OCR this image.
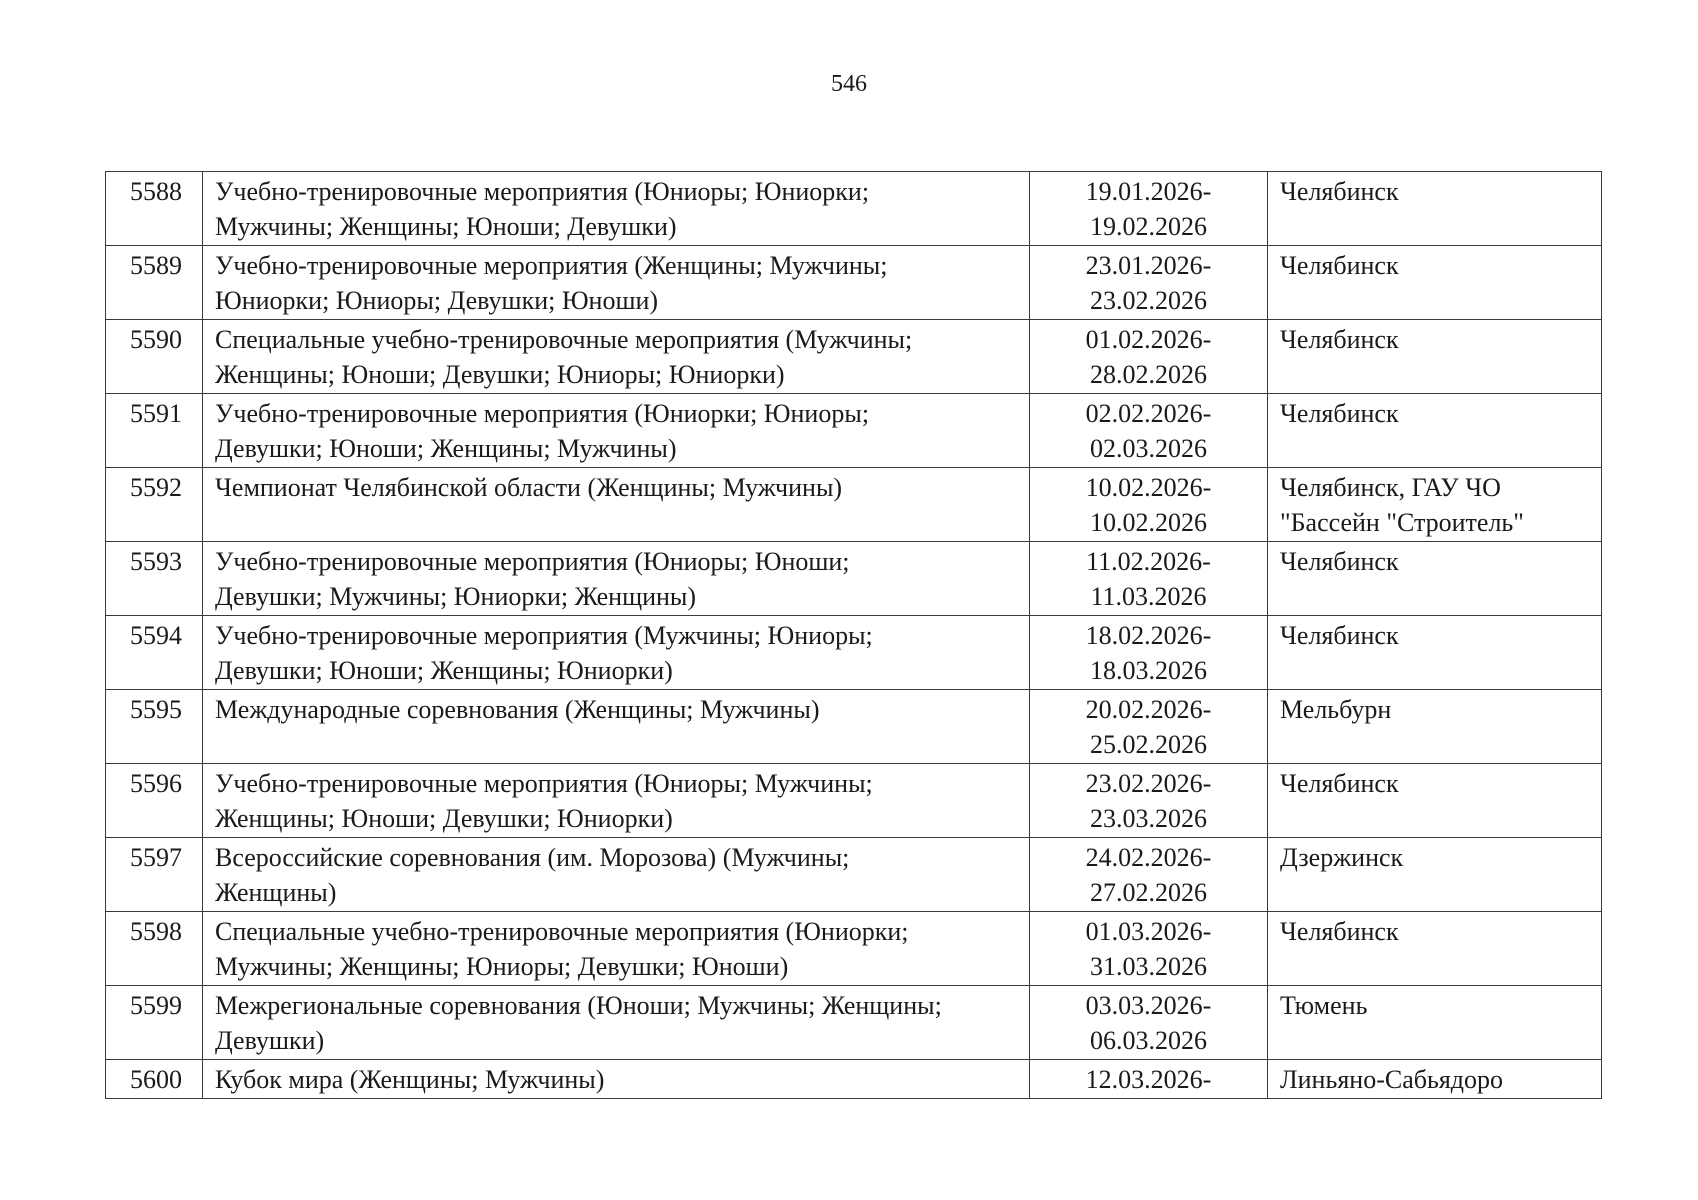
546
5588	Учебно-тренировочные мероприятия (Юниоры; Юниорки;
Мужчины; Женщины; Юноши; Девушки)	19.01.2026-
19.02.2026	Челябинск

5589	Учебно-тренировочные мероприятия (Женщины; Мужчины;
Юниорки; Юниоры; Девушки; Юноши)	23.01.2026-
23.02.2026	Челябинск

5590	Специальные учебно-тренировочные мероприятия (Мужчины;
Женщины; Юноши; Девушки; Юниоры; Юниорки)	01.02.2026-
28.02.2026	Челябинск

5591	Учебно-тренировочные мероприятия (Юниорки; Юниоры;
Девушки; Юноши; Женщины; Мужчины)	02.02.2026-
02.03.2026	Челябинск

5592	Чемпионат Челябинской области (Женщины; Мужчины)	10.02.2026-
10.02.2026	Челябинск, ГАУ ЧО
"Бассейн "Строитель"

5593	Учебно-тренировочные мероприятия (Юниоры; Юноши;
Девушки; Мужчины; Юниорки; Женщины)	11.02.2026-
11.03.2026	Челябинск

5594	Учебно-тренировочные мероприятия (Мужчины; Юниоры;
Девушки; Юноши; Женщины; Юниорки)	18.02.2026-
18.03.2026	Челябинск

5595	Международные соревнования (Женщины; Мужчины)	20.02.2026-
25.02.2026	Мельбурн

5596	Учебно-тренировочные мероприятия (Юниоры; Мужчины;
Женщины; Юноши; Девушки; Юниорки)	23.02.2026-
23.03.2026	Челябинск

5597	Всероссийские соревнования (им. Морозова) (Мужчины;
Женщины)	24.02.2026-
27.02.2026	Дзержинск

5598	Специальные учебно-тренировочные мероприятия (Юниорки;
Мужчины; Женщины; Юниоры; Девушки; Юноши)	01.03.2026-
31.03.2026	Челябинск

5599	Межрегиональные соревнования (Юноши; Мужчины; Женщины;
Девушки)	03.03.2026-
06.03.2026	Тюмень

5600	Кубок мира (Женщины; Мужчины)	12.03.2026-	Линьяно-Сабьядоро
